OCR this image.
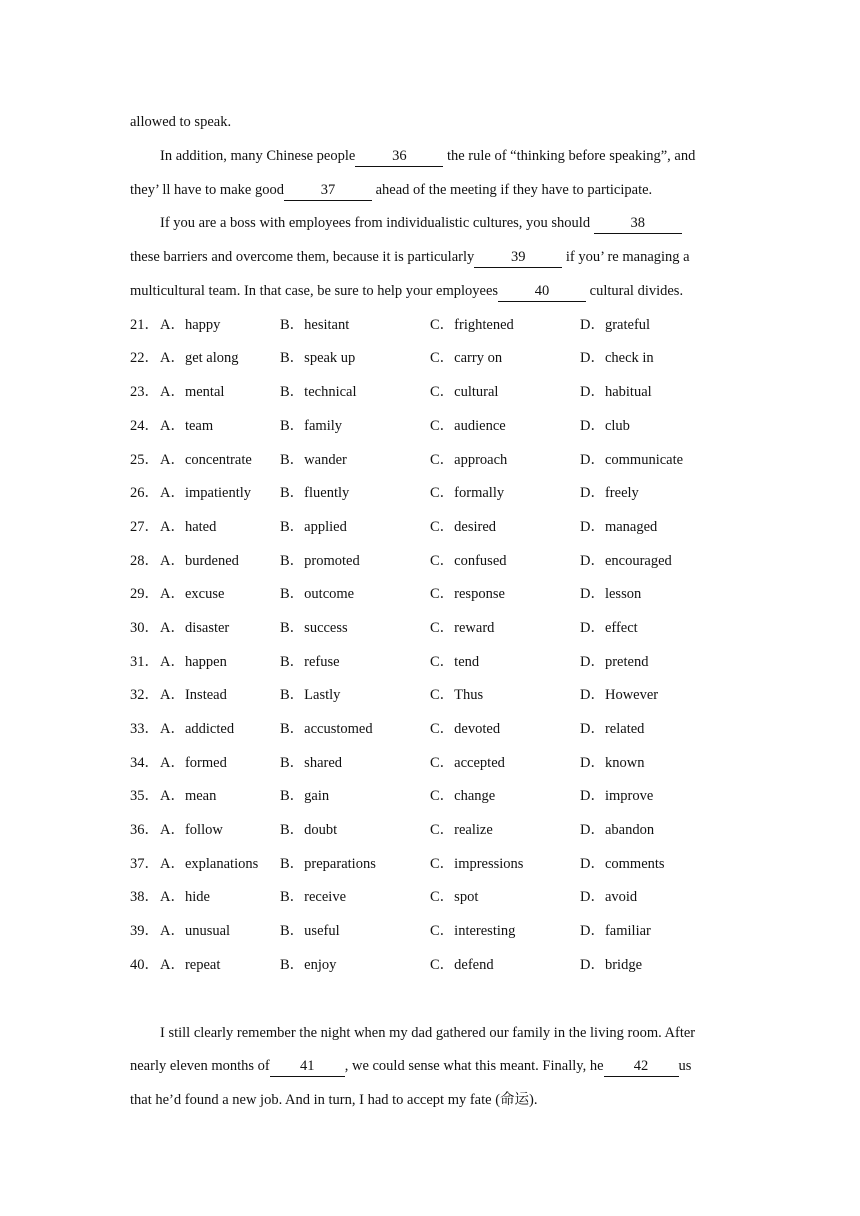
allowed to speak.
In addition, many Chinese people	36	the rule of “thinking before speaking”, and
they’ ll have to make good	37	ahead of the meeting if they have to participate.
If you are a boss with employees from individualistic cultures, you should	38
these barriers and overcome them, because it is particularly	39	if you’ re managing a
multicultural team. In that case, be sure to help your employees	40	cultural divides.
21． A．happy	B．hesitant	C．frightened	D．grateful
22． A．get along	B．speak up	C．carry on	D．check in
23． A．mental	B．technical	C．cultural	D．habitual
24． A．team	B．family	C．audience	D．club
25． A．concentrate B．wander	C．approach	D．communicate
26． A．impatiently B．fluently	C．formally	D．freely
27． A．hated	B．applied	C．desired	D．managed
28． A．burdened	B．promoted	C．confused	D．encouraged
29． A．excuse	B．outcome	C．response	D．lesson
30． A．disaster	B．success	C．reward	D．effect
31． A．happen	B．refuse	C．tend	D．pretend
32． A．Instead	B．Lastly	C．Thus	D．However
33． A．addicted	B．accustomed	C．devoted	D．related
34． A．formed	B．shared	C．accepted	D．known
35． A．mean	B．gain	C．change	D．improve
36． A．follow	B．doubt	C．realize	D．abandon
37． A．explanations B．preparations	C．impressions	D．comments
38． A．hide	B．receive	C．spot	D．avoid
39． A．unusual	B．useful	C．interesting	D．familiar
40． A．repeat	B．enjoy	C．defend	D．bridge
I still clearly remember the night when my dad gathered our family in the living room. After
nearly eleven months of 41 , we could sense what this meant. Finally, he 42 us
that he’d found a new job. And in turn, I had to accept my fate (命运).
